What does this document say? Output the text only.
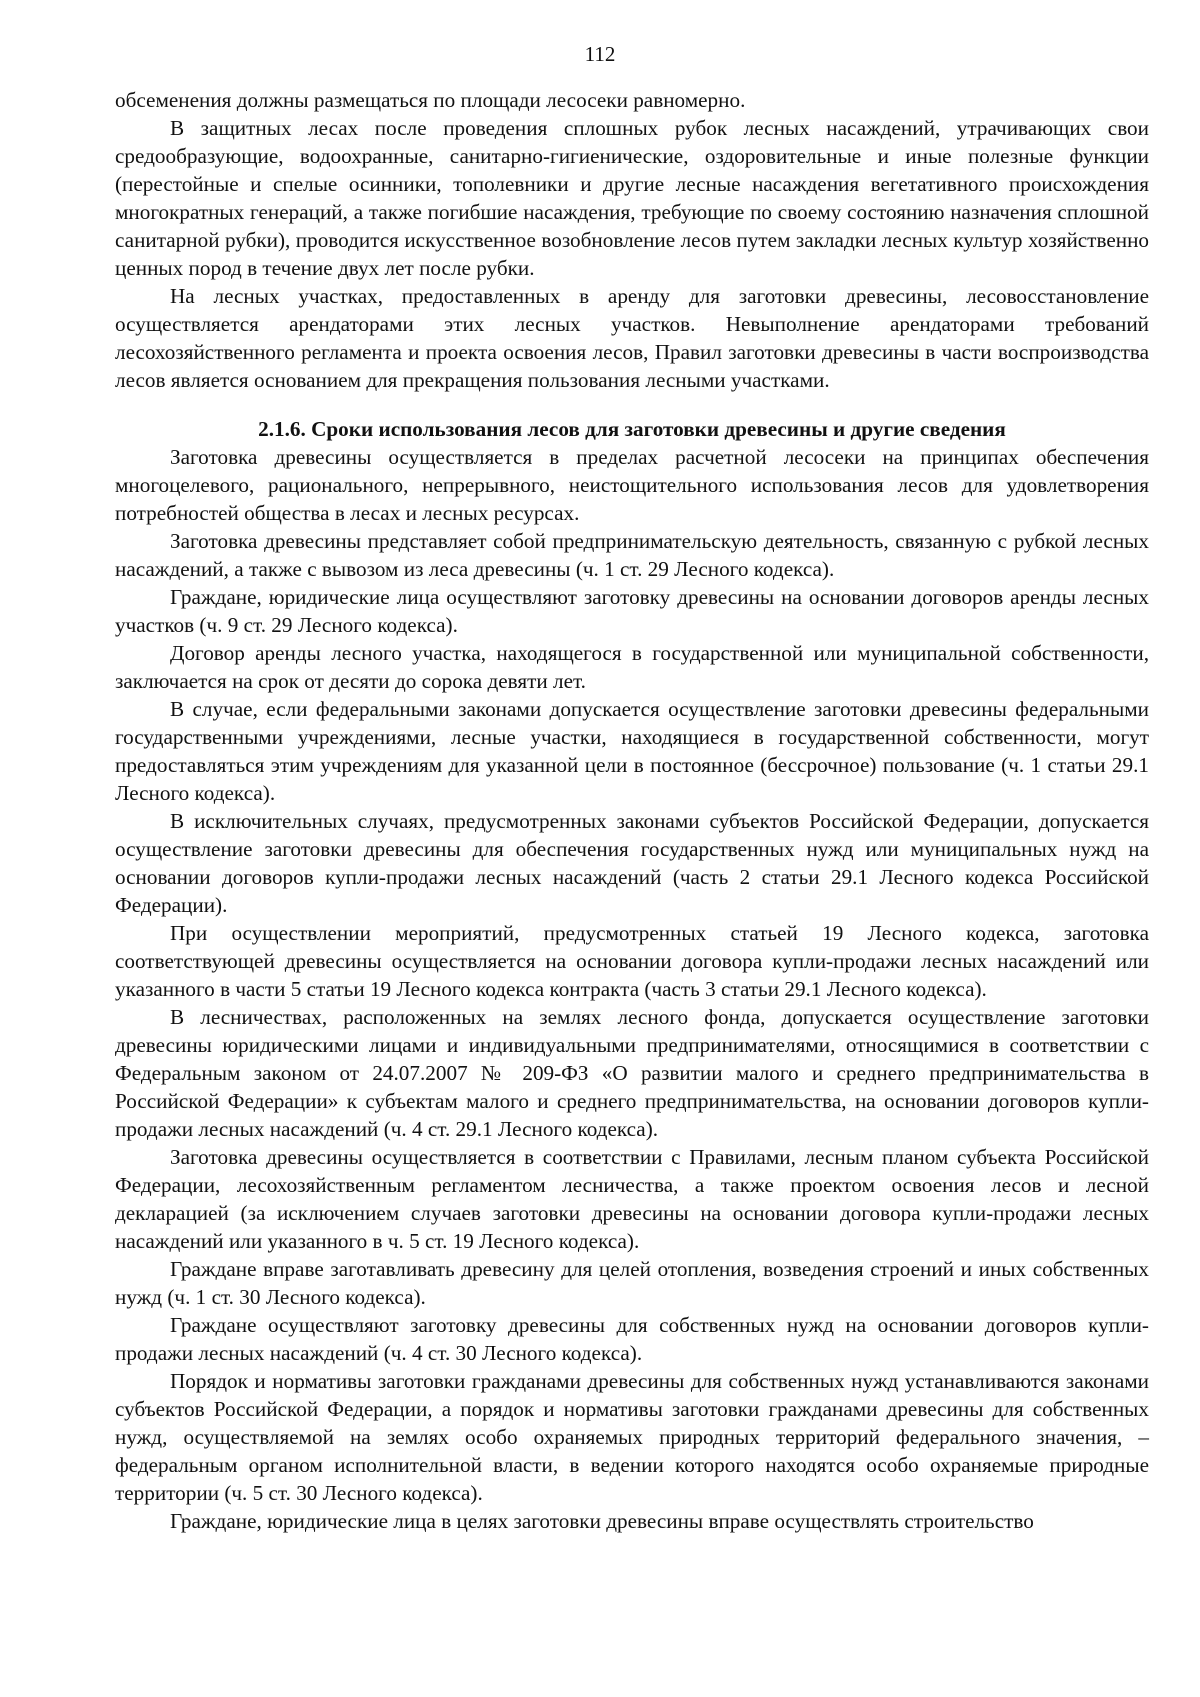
112

обсеменения должны размещаться по площади лесосеки равномерно.

В защитных лесах после проведения сплошных рубок лесных насаждений, утрачивающих свои средообразующие, водоохранные, санитарно-гигиенические, оздоровительные и иные полезные функции (перестойные и спелые осинники, тополевники и другие лесные насаждения вегетативного происхождения многократных генераций, а также погибшие насаждения, требующие по своему состоянию назначения сплошной санитарной рубки), проводится искусственное возобновление лесов путем закладки лесных культур хозяйственно ценных пород в течение двух лет после рубки.

На лесных участках, предоставленных в аренду для заготовки древесины, лесовосстановление осуществляется арендаторами этих лесных участков. Невыполнение арендаторами требований лесохозяйственного регламента и проекта освоения лесов, Правил заготовки древесины в части воспроизводства лесов является основанием для прекращения пользования лесными участками.

2.1.6. Сроки использования лесов для заготовки древесины и другие сведения

Заготовка древесины осуществляется в пределах расчетной лесосеки на принципах обеспечения многоцелевого, рационального, непрерывного, неистощительного использования лесов для удовлетворения потребностей общества в лесах и лесных ресурсах.

Заготовка древесины представляет собой предпринимательскую деятельность, связанную с рубкой лесных насаждений, а также с вывозом из леса древесины (ч. 1 ст. 29 Лесного кодекса).

Граждане, юридические лица осуществляют заготовку древесины на основании договоров аренды лесных участков (ч. 9 ст. 29 Лесного кодекса).

Договор аренды лесного участка, находящегося в государственной или муниципальной собственности, заключается на срок от десяти до сорока девяти лет.

В случае, если федеральными законами допускается осуществление заготовки древесины федеральными государственными учреждениями, лесные участки, находящиеся в государственной собственности, могут предоставляться этим учреждениям для указанной цели в постоянное (бессрочное) пользование (ч. 1 статьи 29.1 Лесного кодекса).

В исключительных случаях, предусмотренных законами субъектов Российской Федерации, допускается осуществление заготовки древесины для обеспечения государственных нужд или муниципальных нужд на основании договоров купли-продажи лесных насаждений (часть 2 статьи 29.1 Лесного кодекса Российской Федерации).

При осуществлении мероприятий, предусмотренных статьей 19 Лесного кодекса, заготовка соответствующей древесины осуществляется на основании договора купли-продажи лесных насаждений или указанного в части 5 статьи 19 Лесного кодекса контракта (часть 3 статьи 29.1 Лесного кодекса).

В лесничествах, расположенных на землях лесного фонда, допускается осуществление заготовки древесины юридическими лицами и индивидуальными предпринимателями, относящимися в соответствии с Федеральным законом от 24.07.2007 № 209-ФЗ «О развитии малого и среднего предпринимательства в Российской Федерации» к субъектам малого и среднего предпринимательства, на основании договоров купли-продажи лесных насаждений (ч. 4 ст. 29.1 Лесного кодекса).

Заготовка древесины осуществляется в соответствии с Правилами, лесным планом субъекта Российской Федерации, лесохозяйственным регламентом лесничества, а также проектом освоения лесов и лесной декларацией (за исключением случаев заготовки древесины на основании договора купли-продажи лесных насаждений или указанного в ч. 5 ст. 19 Лесного кодекса).

Граждане вправе заготавливать древесину для целей отопления, возведения строений и иных собственных нужд (ч. 1 ст. 30 Лесного кодекса).

Граждане осуществляют заготовку древесины для собственных нужд на основании договоров купли-продажи лесных насаждений (ч. 4 ст. 30 Лесного кодекса).

Порядок и нормативы заготовки гражданами древесины для собственных нужд устанавливаются законами субъектов Российской Федерации, а порядок и нормативы заготовки гражданами древесины для собственных нужд, осуществляемой на землях особо охраняемых природных территорий федерального значения, – федеральным органом исполнительной власти, в ведении которого находятся особо охраняемые природные территории (ч. 5 ст. 30 Лесного кодекса).

Граждане, юридические лица в целях заготовки древесины вправе осуществлять строительство
